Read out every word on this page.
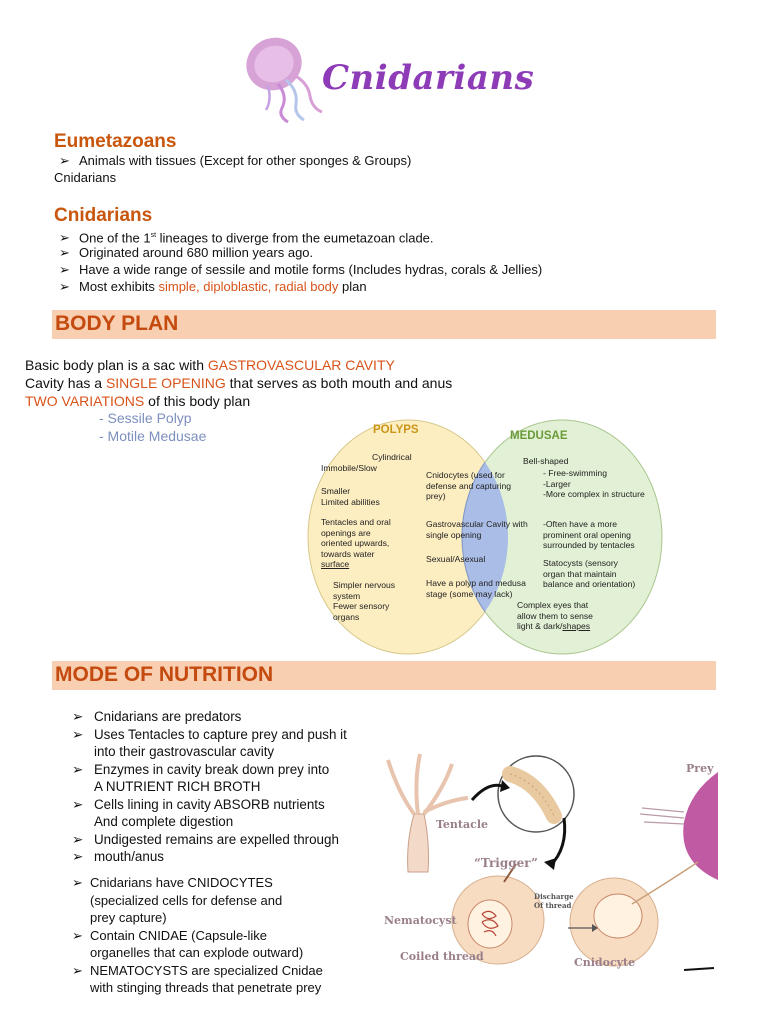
Cnidarians
Eumetazoans
➢ Animals with tissues (Except for other sponges & Groups)
Cnidarians
Cnidarians
➢ One of the 1st lineages to diverge from the eumetazoan clade.
➢ Originated around 680 million years ago.
➢ Have a wide range of sessile and motile forms (Includes hydras, corals & Jellies)
➢ Most exhibits simple, diploblastic, radial body plan
BODY PLAN
Basic body plan is a sac with GASTROVASCULAR CAVITY
Cavity has a SINGLE OPENING that serves as both mouth and anus
TWO VARIATIONS of this body plan
- Sessile Polyp
- Motile Medusae	POLYPS	MEDUSAE
Cylindrical
Immobile/Slow
Smaller
Limited abilities
Tentacles and oral
openings are
oriented upwards,
towards water
surface
Simpler nervous
system
Fewer sensory
organs
Cnidocytes (used for
defense and capturing
prey)
Gastrovascular Cavity with
single opening
Sexual/Asexual
Have a polyp and medusa
stage (some may lack)
Bell-shaped
- Free-swimming
-Larger
-More complex in structure
-Often have a more
prominent oral opening
surrounded by tentacles
Statocysts (sensory
organ that maintain
balance and orientation)
Complex eyes that
allow them to sense
light & dark/shapes
MODE OF NUTRITION
➢ Cnidarians are predators
➢ Uses Tentacles to capture prey and push it
into their gastrovascular cavity
➢ Enzymes in cavity break down prey into
A NUTRIENT RICH BROTH
➢ Cells lining in cavity ABSORB nutrients
And complete digestion
➢ Undigested remains are expelled through
➢ mouth/anus
➢ Cnidarians have CNIDOCYTES
(specialized cells for defense and
prey capture)
➢ Contain CNIDAE (Capsule-like
organelles that can explode outward)
➢ NEMATOCYSTS are specialized Cnidae
with stinging threads that penetrate prey
Prey
Tentacle
“Trigger”
Discharge
Of thread
Nematocyst
Coiled thread	Cnidocyte
